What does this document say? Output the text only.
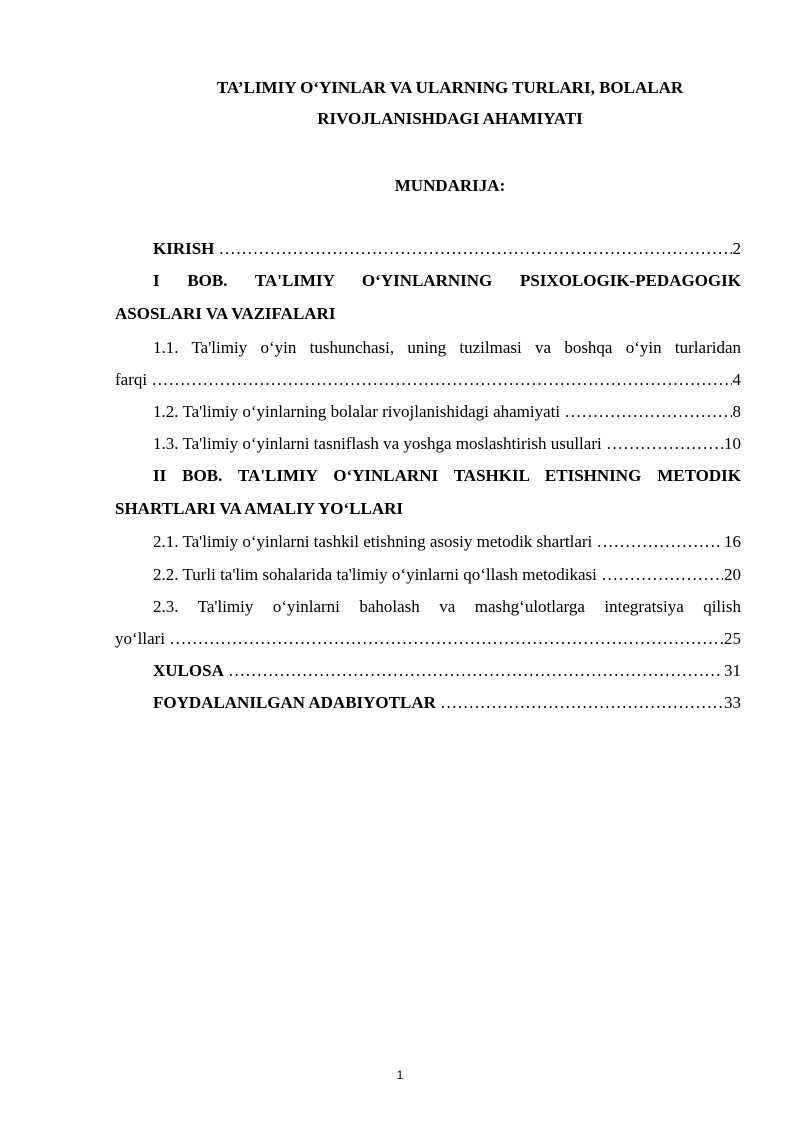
TA’LIMIY O‘YINLAR VA ULARNING TURLARI, BOLALAR
RIVOJLANISHDAGI AHAMIYATI
MUNDARIJA:
KIRISH …………………………………………………………………………………………………………………………………………	2
I BOB. TA'LIMIY O‘YINLARNING PSIXOLOGIK-PEDAGOGIK
ASOSLARI VA VAZIFALARI
1.1. Ta'limiy o‘yin tushunchasi, uning tuzilmasi va boshqa o‘yin turlaridan
farqi …………………………………………………………………………………………………………………………………………	4
1.2. Ta'limiy o‘yinlarning bolalar rivojlanishidagi ahamiyati …………………………………………………………………………………………………………………………………………	8
1.3. Ta'limiy o‘yinlarni tasniflash va yoshga moslashtirish usullari …………………………………………………………………………………………………………………………………………	10
II BOB. TA'LIMIY O‘YINLARNI TASHKIL ETISHNING METODIK
SHARTLARI VA AMALIY YO‘LLARI
2.1. Ta'limiy o‘yinlarni tashkil etishning asosiy metodik shartlari …………………………………………………………………………………………………………………………………………	16
2.2. Turli ta'lim sohalarida ta'limiy o‘yinlarni qo‘llash metodikasi …………………………………………………………………………………………………………………………………………	20
2.3. Ta'limiy o‘yinlarni baholash va mashg‘ulotlarga integratsiya qilish
yo‘llari …………………………………………………………………………………………………………………………………………	25
XULOSA …………………………………………………………………………………………………………………………………………	31
FOYDALANILGAN ADABIYOTLAR …………………………………………………………………………………………………………………………………………	33
1
